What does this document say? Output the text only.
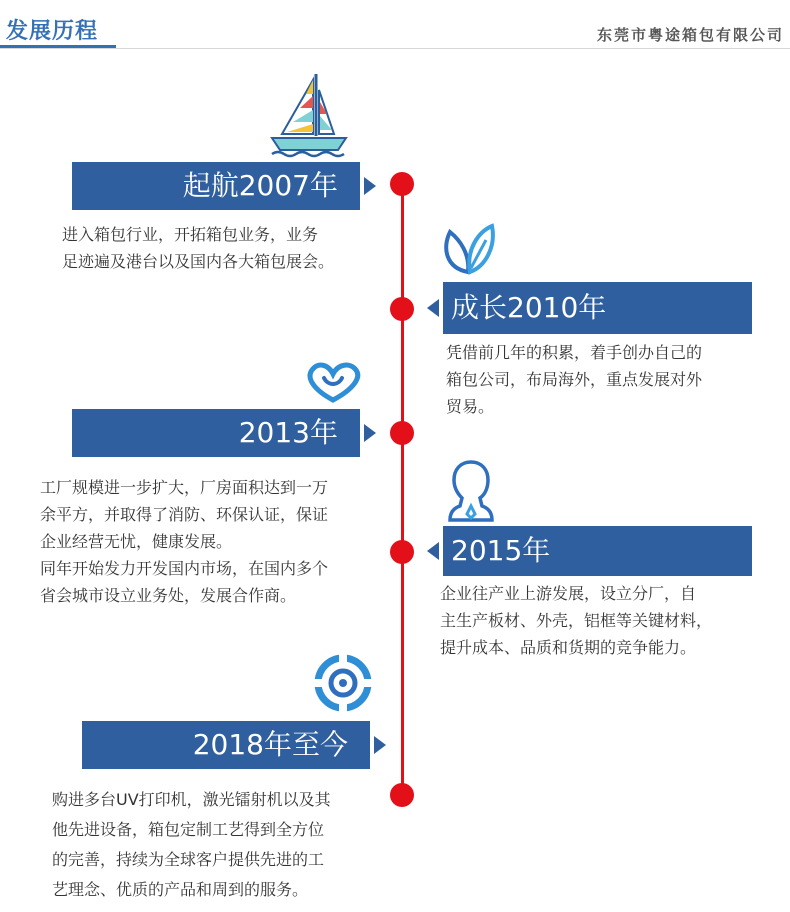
发展历程	东莞市粤途箱包有限公司
起航2007年

进入箱包行业，开拓箱包业务，业务

足迹遍及港台以及国内各大箱包展会。

成长2010年

凭借前几年的积累，着手创办自己的

箱包公司，布局海外，重点发展对外

贸易。

2013年

工厂规模进一步扩大，厂房面积达到一万

余平方，并取得了消防、环保认证，保证

企业经营无忧，健康发展。

同年开始发力开发国内市场，在国内多个

省会城市设立业务处，发展合作商。

2015年

企业往产业上游发展，设立分厂，自

主生产板材、外壳，铝框等关键材料，

提升成本、品质和货期的竞争能力。

2018年至今

购进多台UV打印机，激光镭射机以及其

他先进设备，箱包定制工艺得到全方位

的完善，持续为全球客户提供先进的工

艺理念、优质的产品和周到的服务。
